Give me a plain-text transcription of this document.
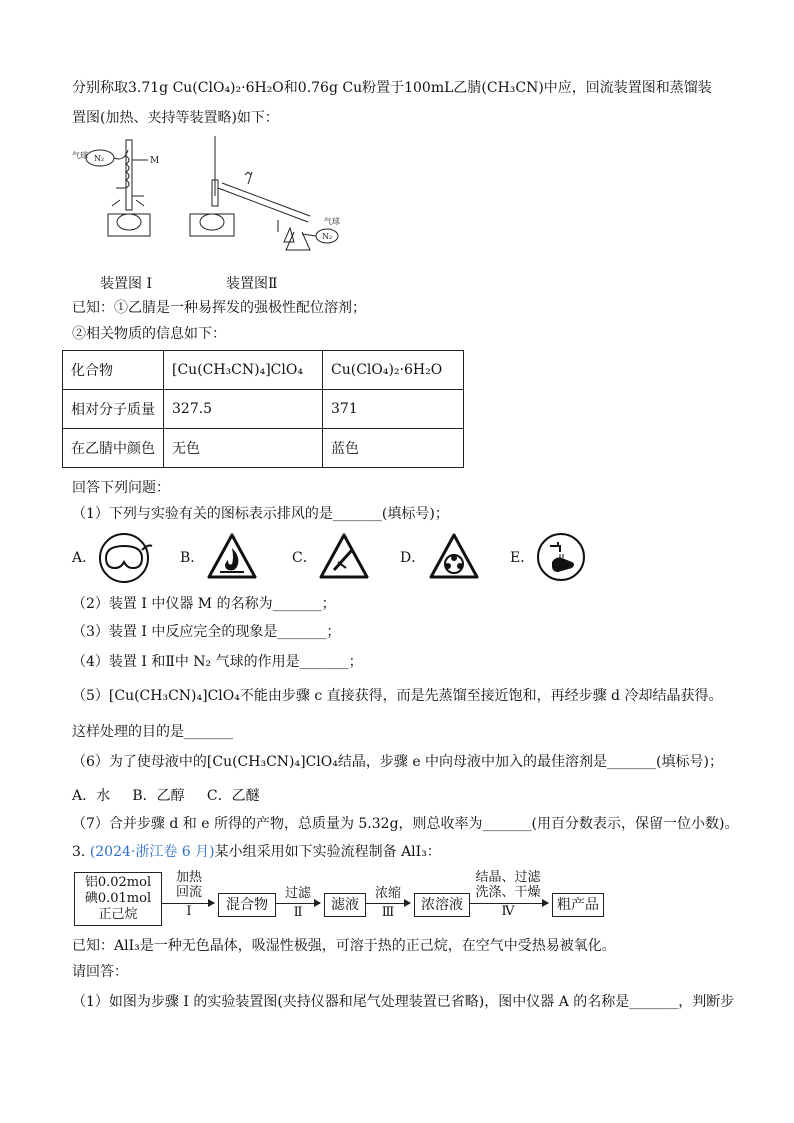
分别称取3.71g Cu(ClO₄)₂·6H₂O和0.76g Cu粉置于100mL乙腈(CH₃CN)中应，回流装置图和蒸馏装
置图(加热、夹持等装置略)如下：
气球 N₂	M
气球
N₂
装置图 I	装置图Ⅱ
已知：①乙腈是一种易挥发的强极性配位溶剂；
②相关物质的信息如下：
化合物	[Cu(CH₃CN)₄]ClO₄	Cu(ClO₄)₂·6H₂O
相对分子质量	327.5	371
在乙腈中颜色	无色	蓝色
回答下列问题：
（1）下列与实验有关的图标表示排风的是_______(填标号)；
A．	B．	C．	D．	E．
（2）装置 I 中仪器 M 的名称为_______；
（3）装置 I 中反应完全的现象是_______；
（4）装置 I 和Ⅱ中 N₂ 气球的作用是_______；
（5）[Cu(CH₃CN)₄]ClO₄不能由步骤 c 直接获得，而是先蒸馏至接近饱和，再经步骤 d 冷却结晶获得。
这样处理的目的是_______
（6）为了使母液中的[Cu(CH₃CN)₄]ClO₄结晶，步骤 e 中向母液中加入的最佳溶剂是_______(填标号)；
A．水     B．乙醇     C．乙醚
（7）合并步骤 d 和 e 所得的产物，总质量为 5.32g，则总收率为_______(用百分数表示，保留一位小数)。
3. (2024·浙江卷 6 月)某小组采用如下实验流程制备 AlI₃：
铝0.02mol
碘0.01mol
正己烷
加热
回流
I	混合物
过滤
Ⅱ	滤液
浓缩
Ⅲ	浓溶液
结晶、过滤
洗涤、干燥
Ⅳ	粗产品
已知：AlI₃是一种无色晶体，吸湿性极强，可溶于热的正己烷，在空气中受热易被氧化。
请回答：
（1）如图为步骤 I 的实验装置图(夹持仪器和尾气处理装置已省略)，图中仪器 A 的名称是_______，判断步
